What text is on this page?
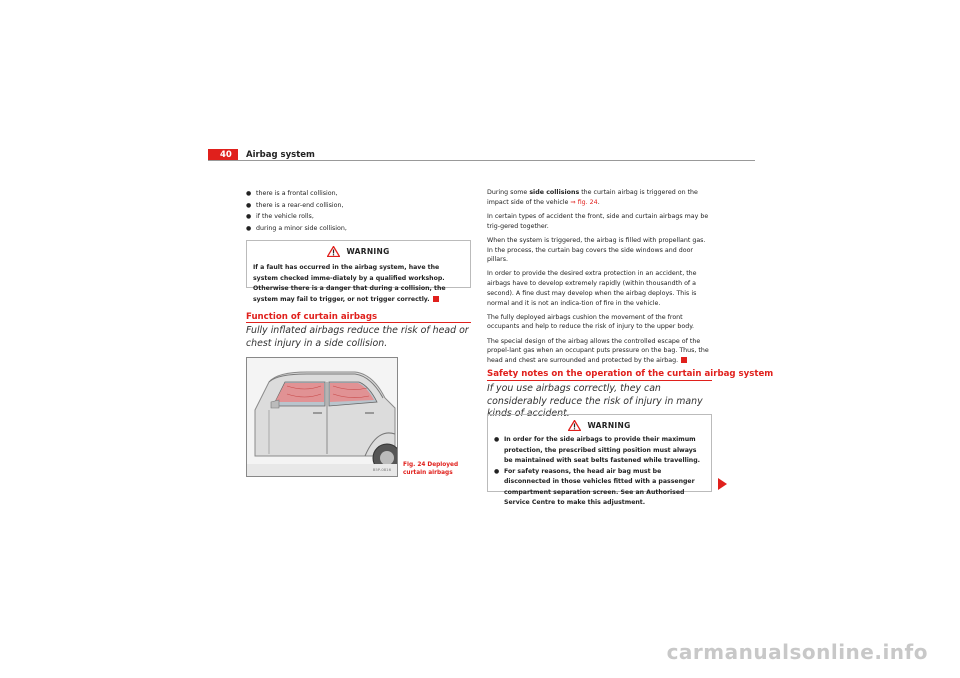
40	Airbag system
● there is a frontal collision,
● there is a rear-end collision,
● if the vehicle rolls,
● during a minor side collision,
WARNING
If a fault has occurred in the airbag system, have the system checked imme-diately by a qualified workshop. Otherwise there is a danger that during a collision, the system may fail to trigger, or not trigger correctly.
Function of curtain airbags
Fully inflated airbags reduce the risk of head or chest injury in a side collision.
B5P-0816
Fig. 24 Deployed curtain airbags

During some side collisions the curtain airbag is triggered on the impact side of the vehicle ⇒ fig. 24.

In certain types of accident the front, side and curtain airbags may be trig-gered together.

When the system is triggered, the airbag is filled with propellant gas. In the process, the curtain bag covers the side windows and door pillars.

In order to provide the desired extra protection in an accident, the airbags have to develop extremely rapidly (within thousandth of a second). A fine dust may develop when the airbag deploys. This is normal and it is not an indica-tion of fire in the vehicle.

The fully deployed airbags cushion the movement of the front occupants and help to reduce the risk of injury to the upper body.

The special design of the airbag allows the controlled escape of the propel-lant gas when an occupant puts pressure on the bag. Thus, the head and chest are surrounded and protected by the airbag.

Safety notes on the operation of the curtain airbag system
If you use airbags correctly, they can considerably reduce the risk of injury in many kinds of accident.
WARNING
● In order for the side airbags to provide their maximum protection, the prescribed sitting position must always be maintained with seat belts fastened while travelling.
● For safety reasons, the head air bag must be disconnected in those vehicles fitted with a passenger compartment separation screen. See an Authorised Service Centre to make this adjustment.
carmanualsonline.info
